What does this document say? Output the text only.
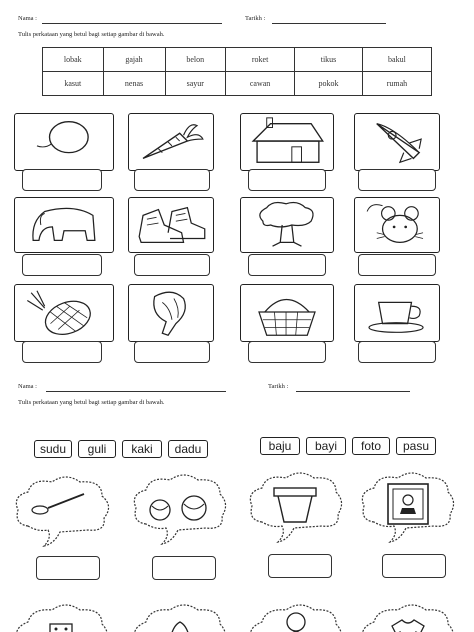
Nama :	Tarikh :
Tulis perkataan yang betul bagi setiap gambar di bawah.
lobak	gajah	belon	roket	tikus	bakul
kasut	nenas	sayur	cawan	pokok	rumah
Nama :	Tarikh :
Tulis perkataan yang betul bagi setiap gambar di bawah.
sudu	guli	kaki	dadu	baju	bayi	foto	pasu
